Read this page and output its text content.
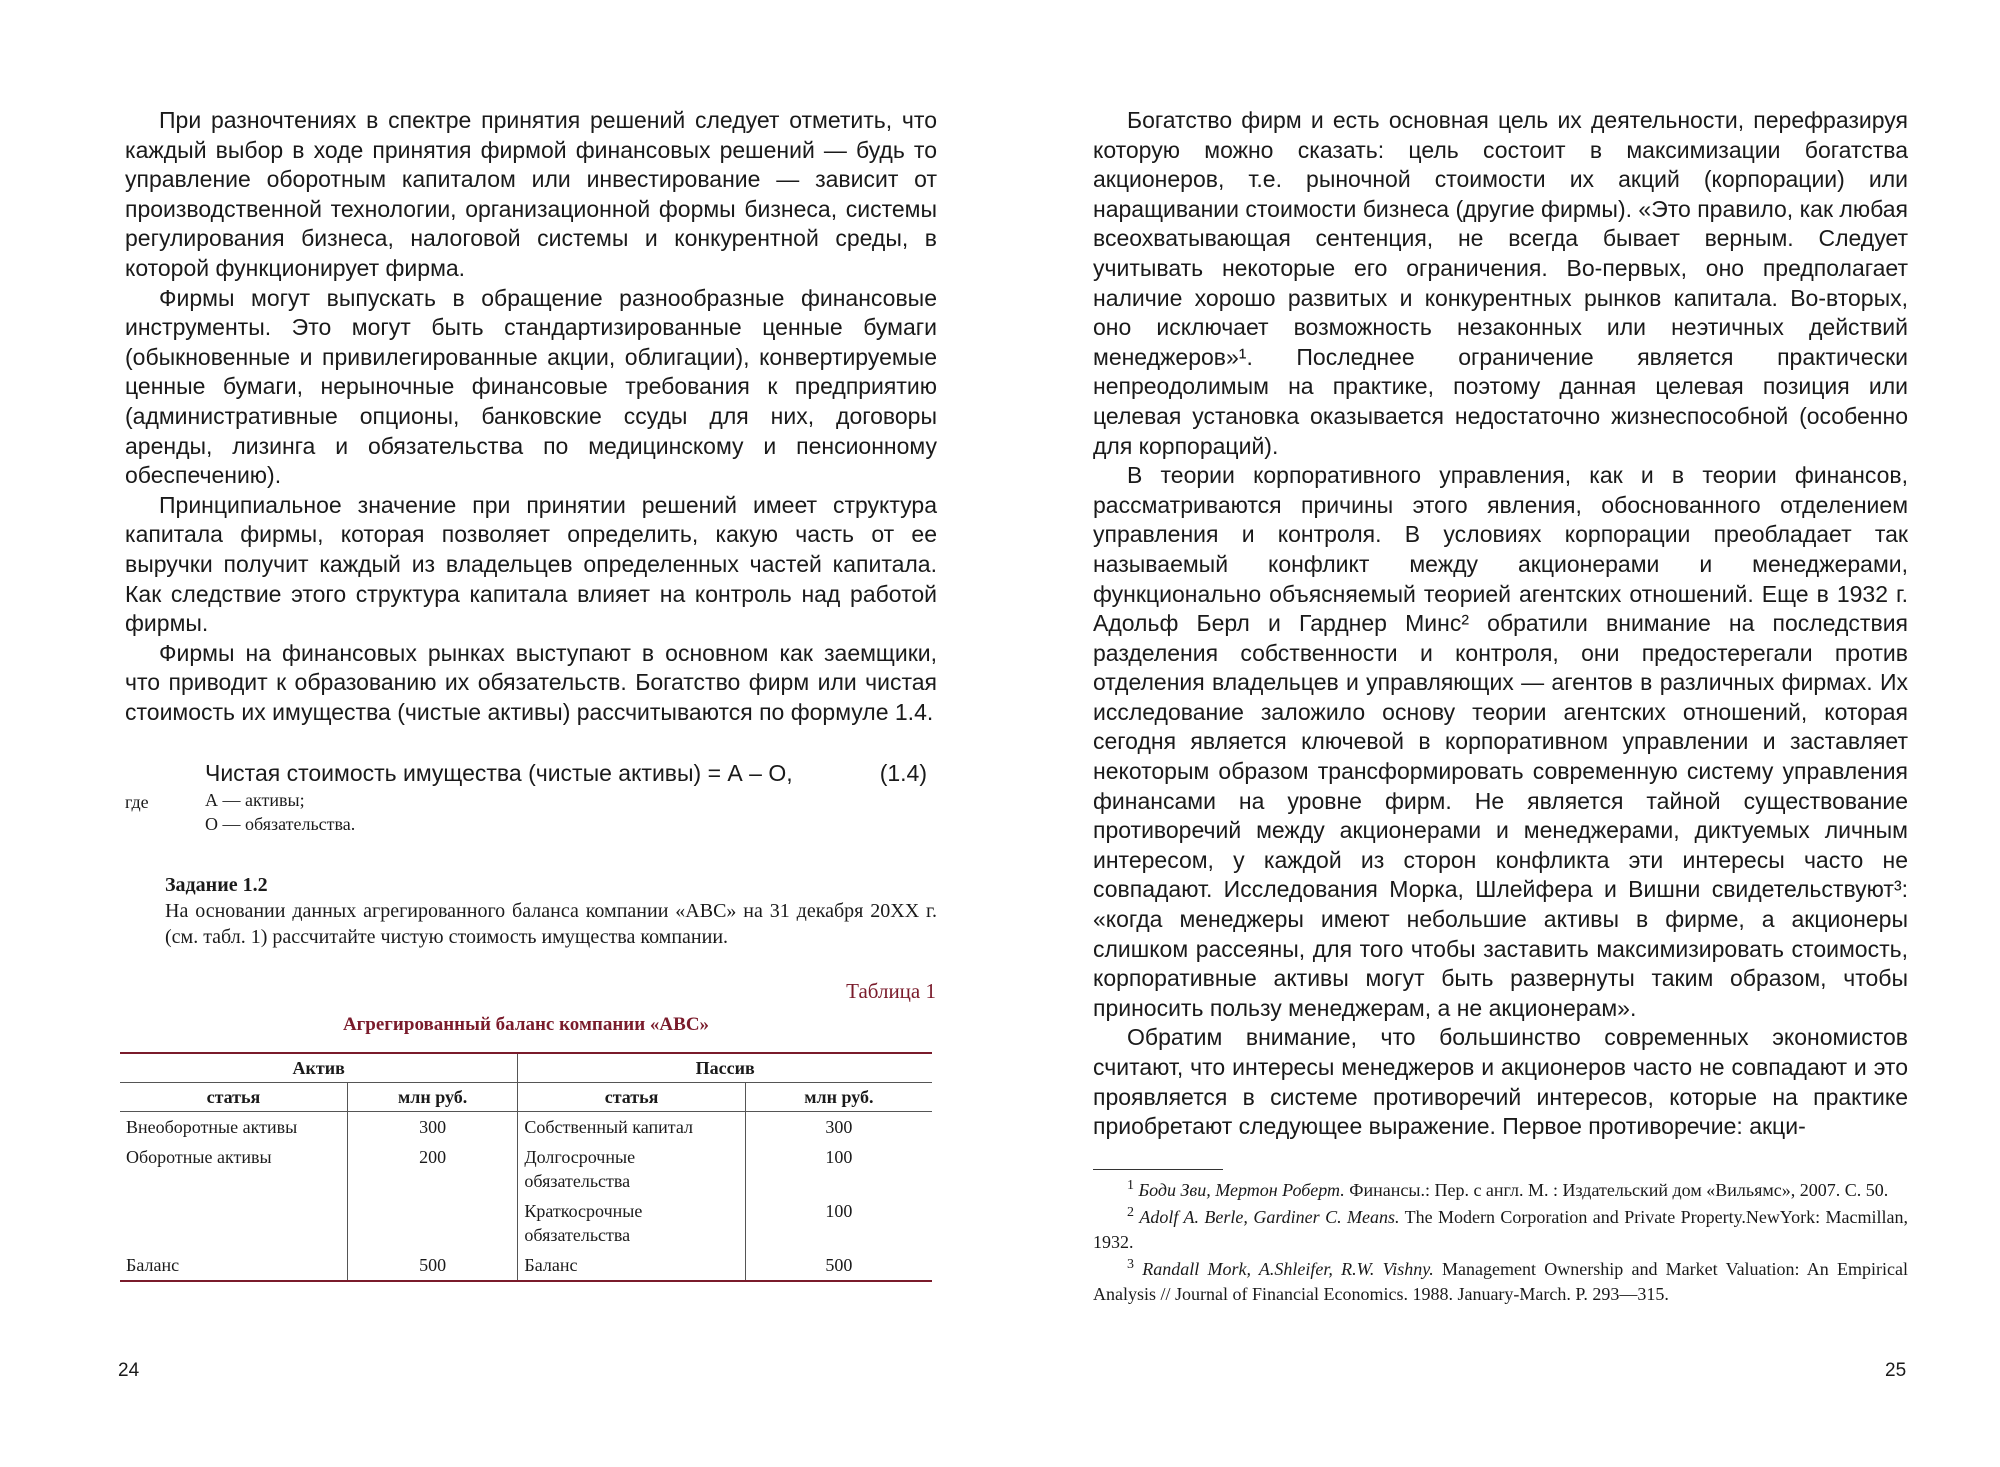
При разночтениях в спектре принятия решений следует отметить, что каждый выбор в ходе принятия фирмой финансовых решений — будь то управление оборотным капиталом или инвестирование — зависит от производственной технологии, организационной формы бизнеса, системы регулирования бизнеса, налоговой системы и конкурентной среды, в которой функционирует фирма.

Фирмы могут выпускать в обращение разнообразные финансовые инструменты. Это могут быть стандартизированные ценные бумаги (обыкновенные и привилегированные акции, облигации), конвертируемые ценные бумаги, нерыночные финансовые требования к предприятию (административные опционы, банковские ссуды для них, договоры аренды, лизинга и обязательства по медицинскому и пенсионному обеспечению).

Принципиальное значение при принятии решений имеет структура капитала фирмы, которая позволяет определить, какую часть от ее выручки получит каждый из владельцев определенных частей капитала. Как следствие этого структура капитала влияет на контроль над работой фирмы.

Фирмы на финансовых рынках выступают в основном как заемщики, что приводит к образованию их обязательств. Богатство фирм или чистая стоимость их имущества (чистые активы) рассчитываются по формуле 1.4.

Чистая стоимость имущества (чистые активы) = А – О,	(1.4)
где	А — активы;
О — обязательства.
Задание 1.2
На основании данных агрегированного баланса компании «АВС» на 31 декабря 20XX г. (см. табл. 1) рассчитайте чистую стоимость имущества компании.
Таблица 1
Агрегированный баланс компании «АВС»
Актив		Пассив	
статья	млн руб.	статья	млн руб.
Внеоборотные активы	300	Собственный капитал	300
Оборотные активы	200	Долгосрочные обязательства	100
		Краткосрочные обязательства	100
Баланс	500	Баланс	500
24

Богатство фирм и есть основная цель их деятельности, перефразируя которую можно сказать: цель состоит в максимизации богатства акционеров, т.е. рыночной стоимости их акций (корпорации) или наращивании стоимости бизнеса (другие фирмы). «Это правило, как любая всеохватывающая сентенция, не всегда бывает верным. Следует учитывать некоторые его ограничения. Во-первых, оно предполагает наличие хорошо развитых и конкурентных рынков капитала. Во-вторых, оно исключает возможность незаконных или неэтичных действий менеджеров»¹. Последнее ограничение является практически непреодолимым на практике, поэтому данная целевая позиция или целевая установка оказывается недостаточно жизнеспособной (особенно для корпораций).

В теории корпоративного управления, как и в теории финансов, рассматриваются причины этого явления, обоснованного отделением управления и контроля. В условиях корпорации преобладает так называемый конфликт между акционерами и менеджерами, функционально объясняемый теорией агентских отношений. Еще в 1932 г. Адольф Берл и Гарднер Минс² обратили внимание на последствия разделения собственности и контроля, они предостерегали против отделения владельцев и управляющих — агентов в различных фирмах. Их исследование заложило основу теории агентских отношений, которая сегодня является ключевой в корпоративном управлении и заставляет некоторым образом трансформировать современную систему управления финансами на уровне фирм. Не является тайной существование противоречий между акционерами и менеджерами, диктуемых личным интересом, у каждой из сторон конфликта эти интересы часто не совпадают. Исследования Морка, Шлейфера и Вишни свидетельствуют³: «когда менеджеры имеют небольшие активы в фирме, а акционеры слишком рассеяны, для того чтобы заставить максимизировать стоимость, корпоративные активы могут быть развернуты таким образом, чтобы приносить пользу менеджерам, а не акционерам».

Обратим внимание, что большинство современных экономистов считают, что интересы менеджеров и акционеров часто не совпадают и это проявляется в системе противоречий интересов, которые на практике приобретают следующее выражение. Первое противоречие: акци-

$^1$ Боди Зви, Мертон Роберт. Финансы.: Пер. с англ. М. : Издательский дом «Вильямс», 2007. С. 50.

$^2$ Adolf A. Berle, Gardiner C. Means. The Modern Corporation and Private Property.NewYork: Macmillan, 1932.

$^3$ Randall Mork, A.Shleifer, R.W. Vishny. Management Ownership and Market Valuation: An Empirical Analysis // Journal of Financial Economics. 1988. January-March. P. 293—315.

25
